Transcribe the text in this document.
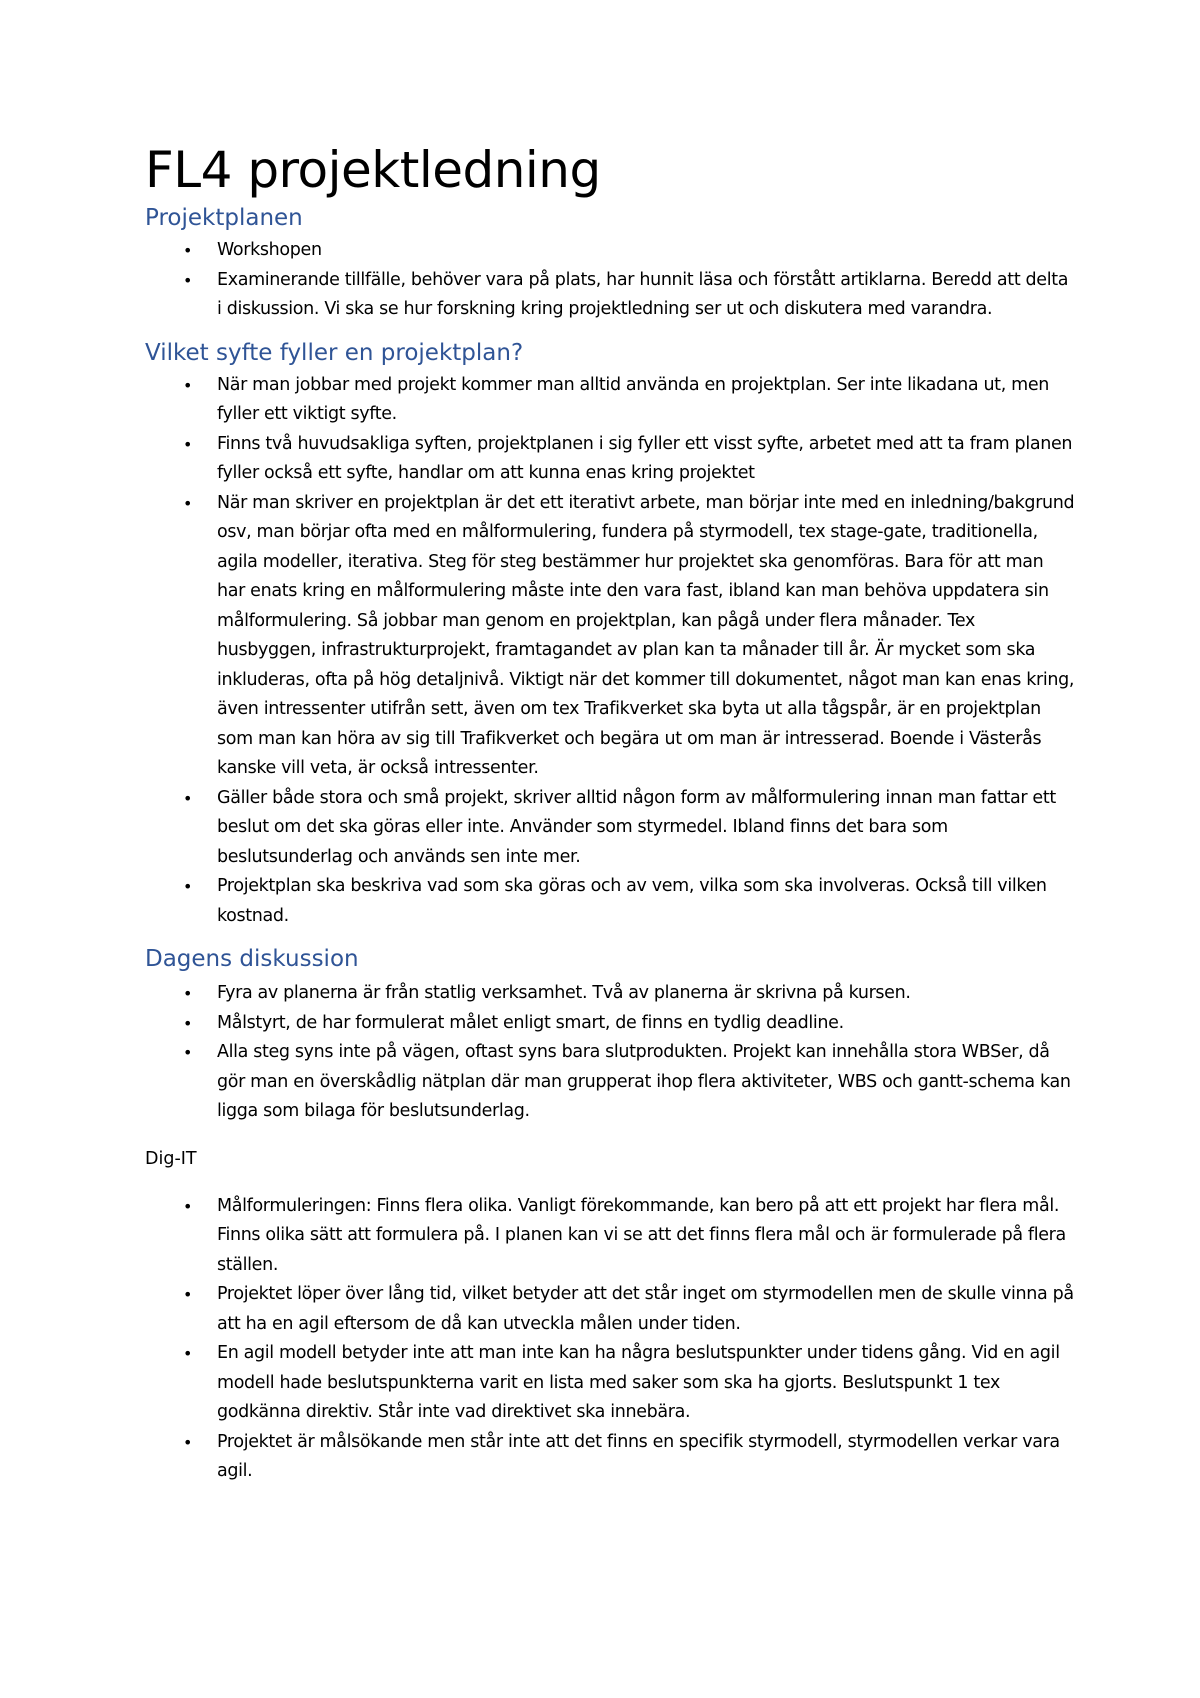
FL4 projektledning
Projektplanen
• Workshopen
• Examinerande tillfälle, behöver vara på plats, har hunnit läsa och förstått artiklarna. Beredd att delta i diskussion. Vi ska se hur forskning kring projektledning ser ut och diskutera med varandra.
Vilket syfte fyller en projektplan?
• När man jobbar med projekt kommer man alltid använda en projektplan. Ser inte likadana ut, men fyller ett viktigt syfte.
• Finns två huvudsakliga syften, projektplanen i sig fyller ett visst syfte, arbetet med att ta fram planen fyller också ett syfte, handlar om att kunna enas kring projektet
• När man skriver en projektplan är det ett iterativt arbete, man börjar inte med en inledning/bakgrund osv, man börjar ofta med en målformulering, fundera på styrmodell, tex stage-gate, traditionella, agila modeller, iterativa. Steg för steg bestämmer hur projektet ska genomföras. Bara för att man har enats kring en målformulering måste inte den vara fast, ibland kan man behöva uppdatera sin målformulering. Så jobbar man genom en projektplan, kan pågå under flera månader. Tex husbyggen, infrastrukturprojekt, framtagandet av plan kan ta månader till år. Är mycket som ska inkluderas, ofta på hög detaljnivå. Viktigt när det kommer till dokumentet, något man kan enas kring, även intressenter utifrån sett, även om tex Trafikverket ska byta ut alla tågspår, är en projektplan som man kan höra av sig till Trafikverket och begära ut om man är intresserad. Boende i Västerås kanske vill veta, är också intressenter.
• Gäller både stora och små projekt, skriver alltid någon form av målformulering innan man fattar ett beslut om det ska göras eller inte. Använder som styrmedel. Ibland finns det bara som beslutsunderlag och används sen inte mer.
• Projektplan ska beskriva vad som ska göras och av vem, vilka som ska involveras. Också till vilken kostnad.
Dagens diskussion
• Fyra av planerna är från statlig verksamhet. Två av planerna är skrivna på kursen.
• Målstyrt, de har formulerat målet enligt smart, de finns en tydlig deadline.
• Alla steg syns inte på vägen, oftast syns bara slutprodukten. Projekt kan innehålla stora WBSer, då gör man en överskådlig nätplan där man grupperat ihop flera aktiviteter, WBS och gantt-schema kan ligga som bilaga för beslutsunderlag.

Dig-IT

• Målformuleringen: Finns flera olika. Vanligt förekommande, kan bero på att ett projekt har flera mål. Finns olika sätt att formulera på. I planen kan vi se att det finns flera mål och är formulerade på flera ställen.
• Projektet löper över lång tid, vilket betyder att det står inget om styrmodellen men de skulle vinna på att ha en agil eftersom de då kan utveckla målen under tiden.
• En agil modell betyder inte att man inte kan ha några beslutspunkter under tidens gång. Vid en agil modell hade beslutspunkterna varit en lista med saker som ska ha gjorts. Beslutspunkt 1 tex godkänna direktiv. Står inte vad direktivet ska innebära.
• Projektet är målsökande men står inte att det finns en specifik styrmodell, styrmodellen verkar vara agil.
